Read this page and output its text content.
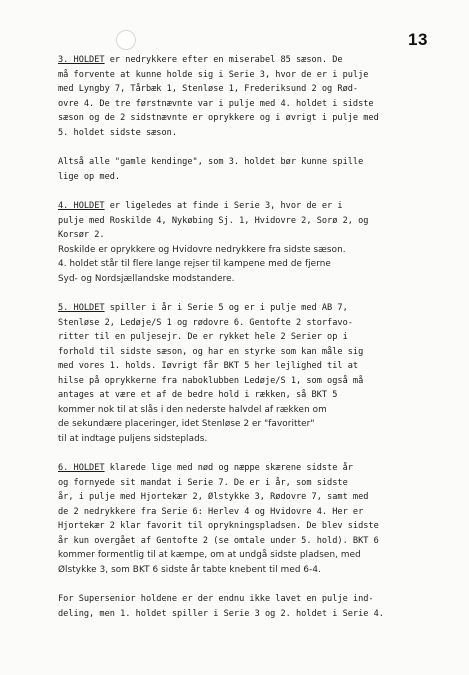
13
3. HOLDET er nedrykkere efter en miserabel 85 sæson. De
må forvente at kunne holde sig i Serie 3, hvor de er i pulje
med Lyngby 7, Tårbæk 1, Stenløse 1, Frederiksund 2 og Rød-
ovre 4. De tre førstnævnte var i pulje med 4. holdet i sidste
sæson og de 2 sidstnævnte er oprykkere og i øvrigt i pulje med
5. holdet sidste sæson.
Altså alle "gamle kendinge", som 3. holdet bør kunne spille
lige op med.
4. HOLDET er ligeledes at finde i Serie 3, hvor de er i
pulje med Roskilde 4, Nykøbing Sj. 1, Hvidovre 2, Sorø 2, og
Korsør 2.
Roskilde er oprykkere og Hvidovre nedrykkere fra sidste sæson.
4. holdet står til flere lange rejser til kampene med de fjerne
Syd- og Nordsjællandske modstandere.
5. HOLDET spiller i år i Serie 5 og er i pulje med AB 7,
Stenløse 2, Ledøje/S 1 og rødovre 6. Gentofte 2 storfavo-
ritter til en puljesejr. De er rykket hele 2 Serier op i
forhold til sidste sæson, og har en styrke som kan måle sig
med vores 1. holds. Iøvrigt får BKT 5 her lejlighed til at
hilse på oprykkerne fra naboklubben Ledøje/S 1, som også må
antages at være et af de bedre hold i rækken, så BKT 5
kommer nok til at slås i den nederste halvdel af rækken om
de sekundære placeringer, idet Stenløse 2 er "favoritter"
til at indtage puljens sidsteplads.
6. HOLDET klarede lige med nød og næppe skærene sidste år
og fornyede sit mandat i Serie 7. De er i år, som sidste
år, i pulje med Hjortekær 2, Ølstykke 3, Rødovre 7, samt med
de 2 nedrykkere fra Serie 6: Herlev 4 og Hvidovre 4. Her er
Hjortekær 2 klar favorit til oprykningspladsen. De blev sidste
år kun overgået af Gentofte 2 (se omtale under 5. hold). BKT 6
kommer formentlig til at kæmpe, om at undgå sidste pladsen, med
Ølstykke 3, som BKT 6 sidste år tabte knebent til med 6-4.
For Supersenior holdene er der endnu ikke lavet en pulje ind-
deling, men 1. holdet spiller i Serie 3 og 2. holdet i Serie 4.
